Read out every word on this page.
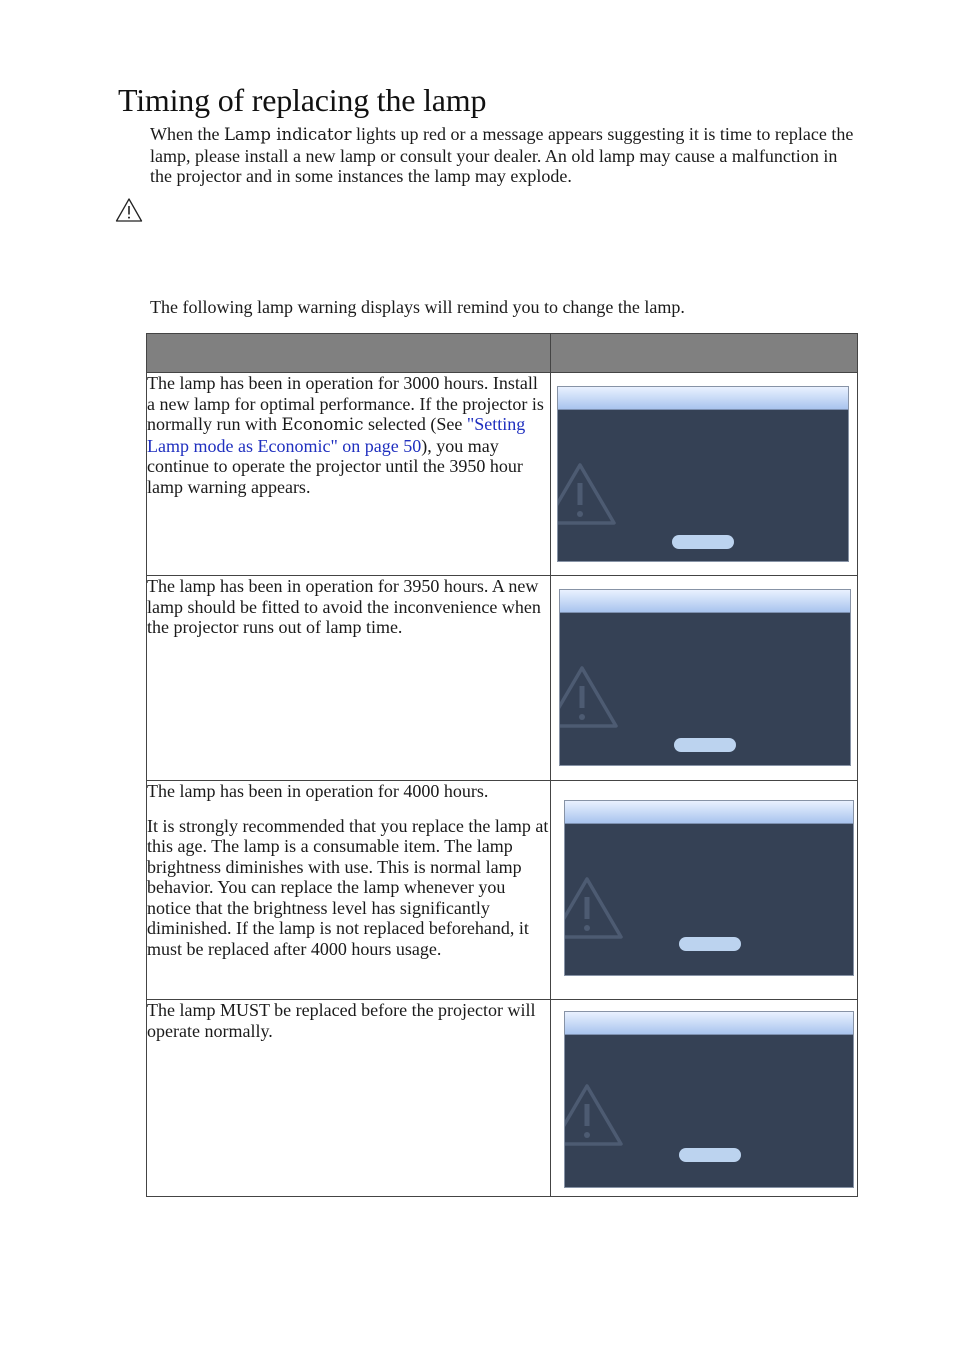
Timing of replacing the lamp

When the Lamp indicator lights up red or a message appears suggesting it is time to replace the lamp, please install a new lamp or consult your dealer. An old lamp may cause a malfunction in the projector and in some instances the lamp may explode.

The following lamp warning displays will remind you to change the lamp.

The lamp has been in operation for 3000 hours. Install a new lamp for optimal performance. If the projector is normally run with Economic selected (See "Setting Lamp mode as Economic" on page 50), you may continue to operate the projector until the 3950 hour lamp warning appears.

The lamp has been in operation for 3950 hours. A new lamp should be fitted to avoid the inconvenience when the projector runs out of lamp time.

The lamp has been in operation for 4000 hours.

It is strongly recommended that you replace the lamp at this age. The lamp is a consumable item. The lamp brightness diminishes with use. This is normal lamp behavior. You can replace the lamp whenever you notice that the brightness level has significantly diminished. If the lamp is not replaced beforehand, it must be replaced after 4000 hours usage.

The lamp MUST be replaced before the projector will operate normally.
